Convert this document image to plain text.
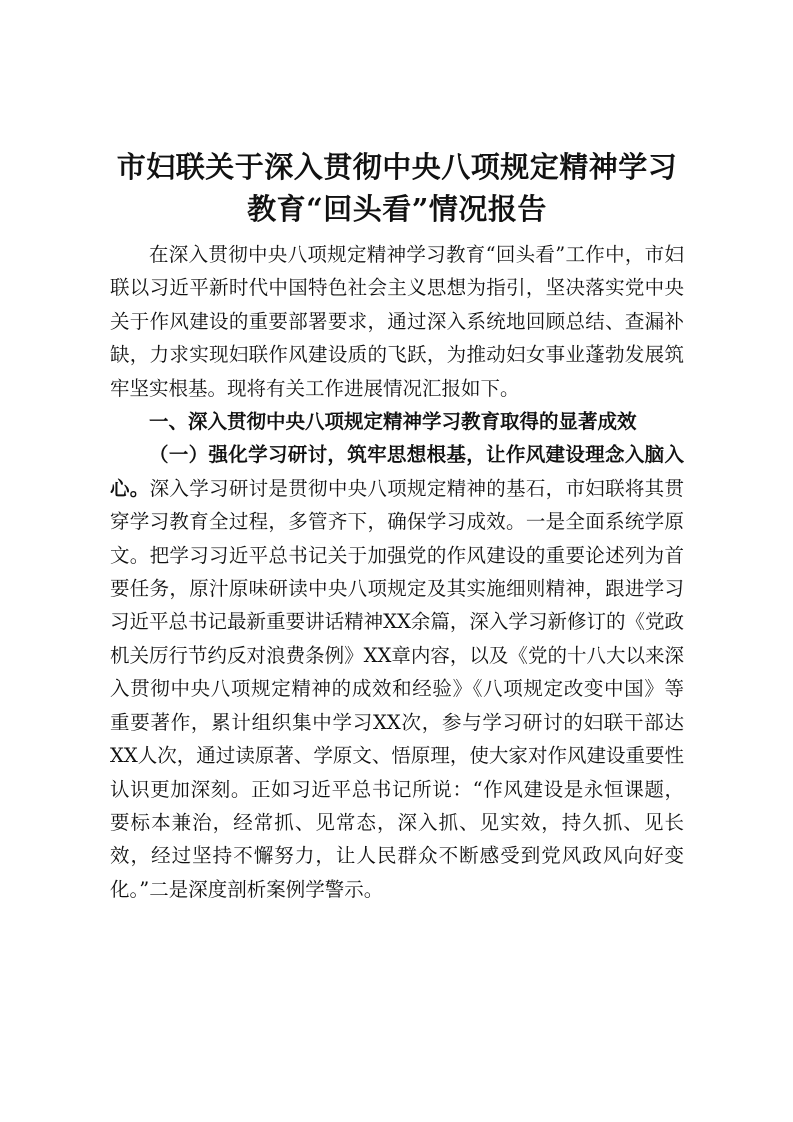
市妇联关于深入贯彻中央八项规定精神学习教育“回头看”情况报告

在深入贯彻中央八项规定精神学习教育“回头看”工作中，市妇联以习近平新时代中国特色社会主义思想为指引，坚决落实党中央关于作风建设的重要部署要求，通过深入系统地回顾总结、查漏补缺，力求实现妇联作风建设质的飞跃，为推动妇女事业蓬勃发展筑牢坚实根基。现将有关工作进展情况汇报如下。

一、深入贯彻中央八项规定精神学习教育取得的显著成效

（一）强化学习研讨，筑牢思想根基，让作风建设理念入脑入心。深入学习研讨是贯彻中央八项规定精神的基石，市妇联将其贯穿学习教育全过程，多管齐下，确保学习成效。一是全面系统学原文。把学习习近平总书记关于加强党的作风建设的重要论述列为首要任务，原汁原味研读中央八项规定及其实施细则精神，跟进学习习近平总书记最新重要讲话精神XX余篇，深入学习新修订的《党政机关厉行节约反对浪费条例》XX章内容，以及《党的十八大以来深入贯彻中央八项规定精神的成效和经验》《八项规定改变中国》等重要著作，累计组织集中学习XX次，参与学习研讨的妇联干部达XX人次，通过读原著、学原文、悟原理，使大家对作风建设重要性认识更加深刻。正如习近平总书记所说：“作风建设是永恒课题，要标本兼治，经常抓、见常态，深入抓、见实效，持久抓、见长效，经过坚持不懈努力，让人民群众不断感受到党风政风向好变化。”二是深度剖析案例学警示。
